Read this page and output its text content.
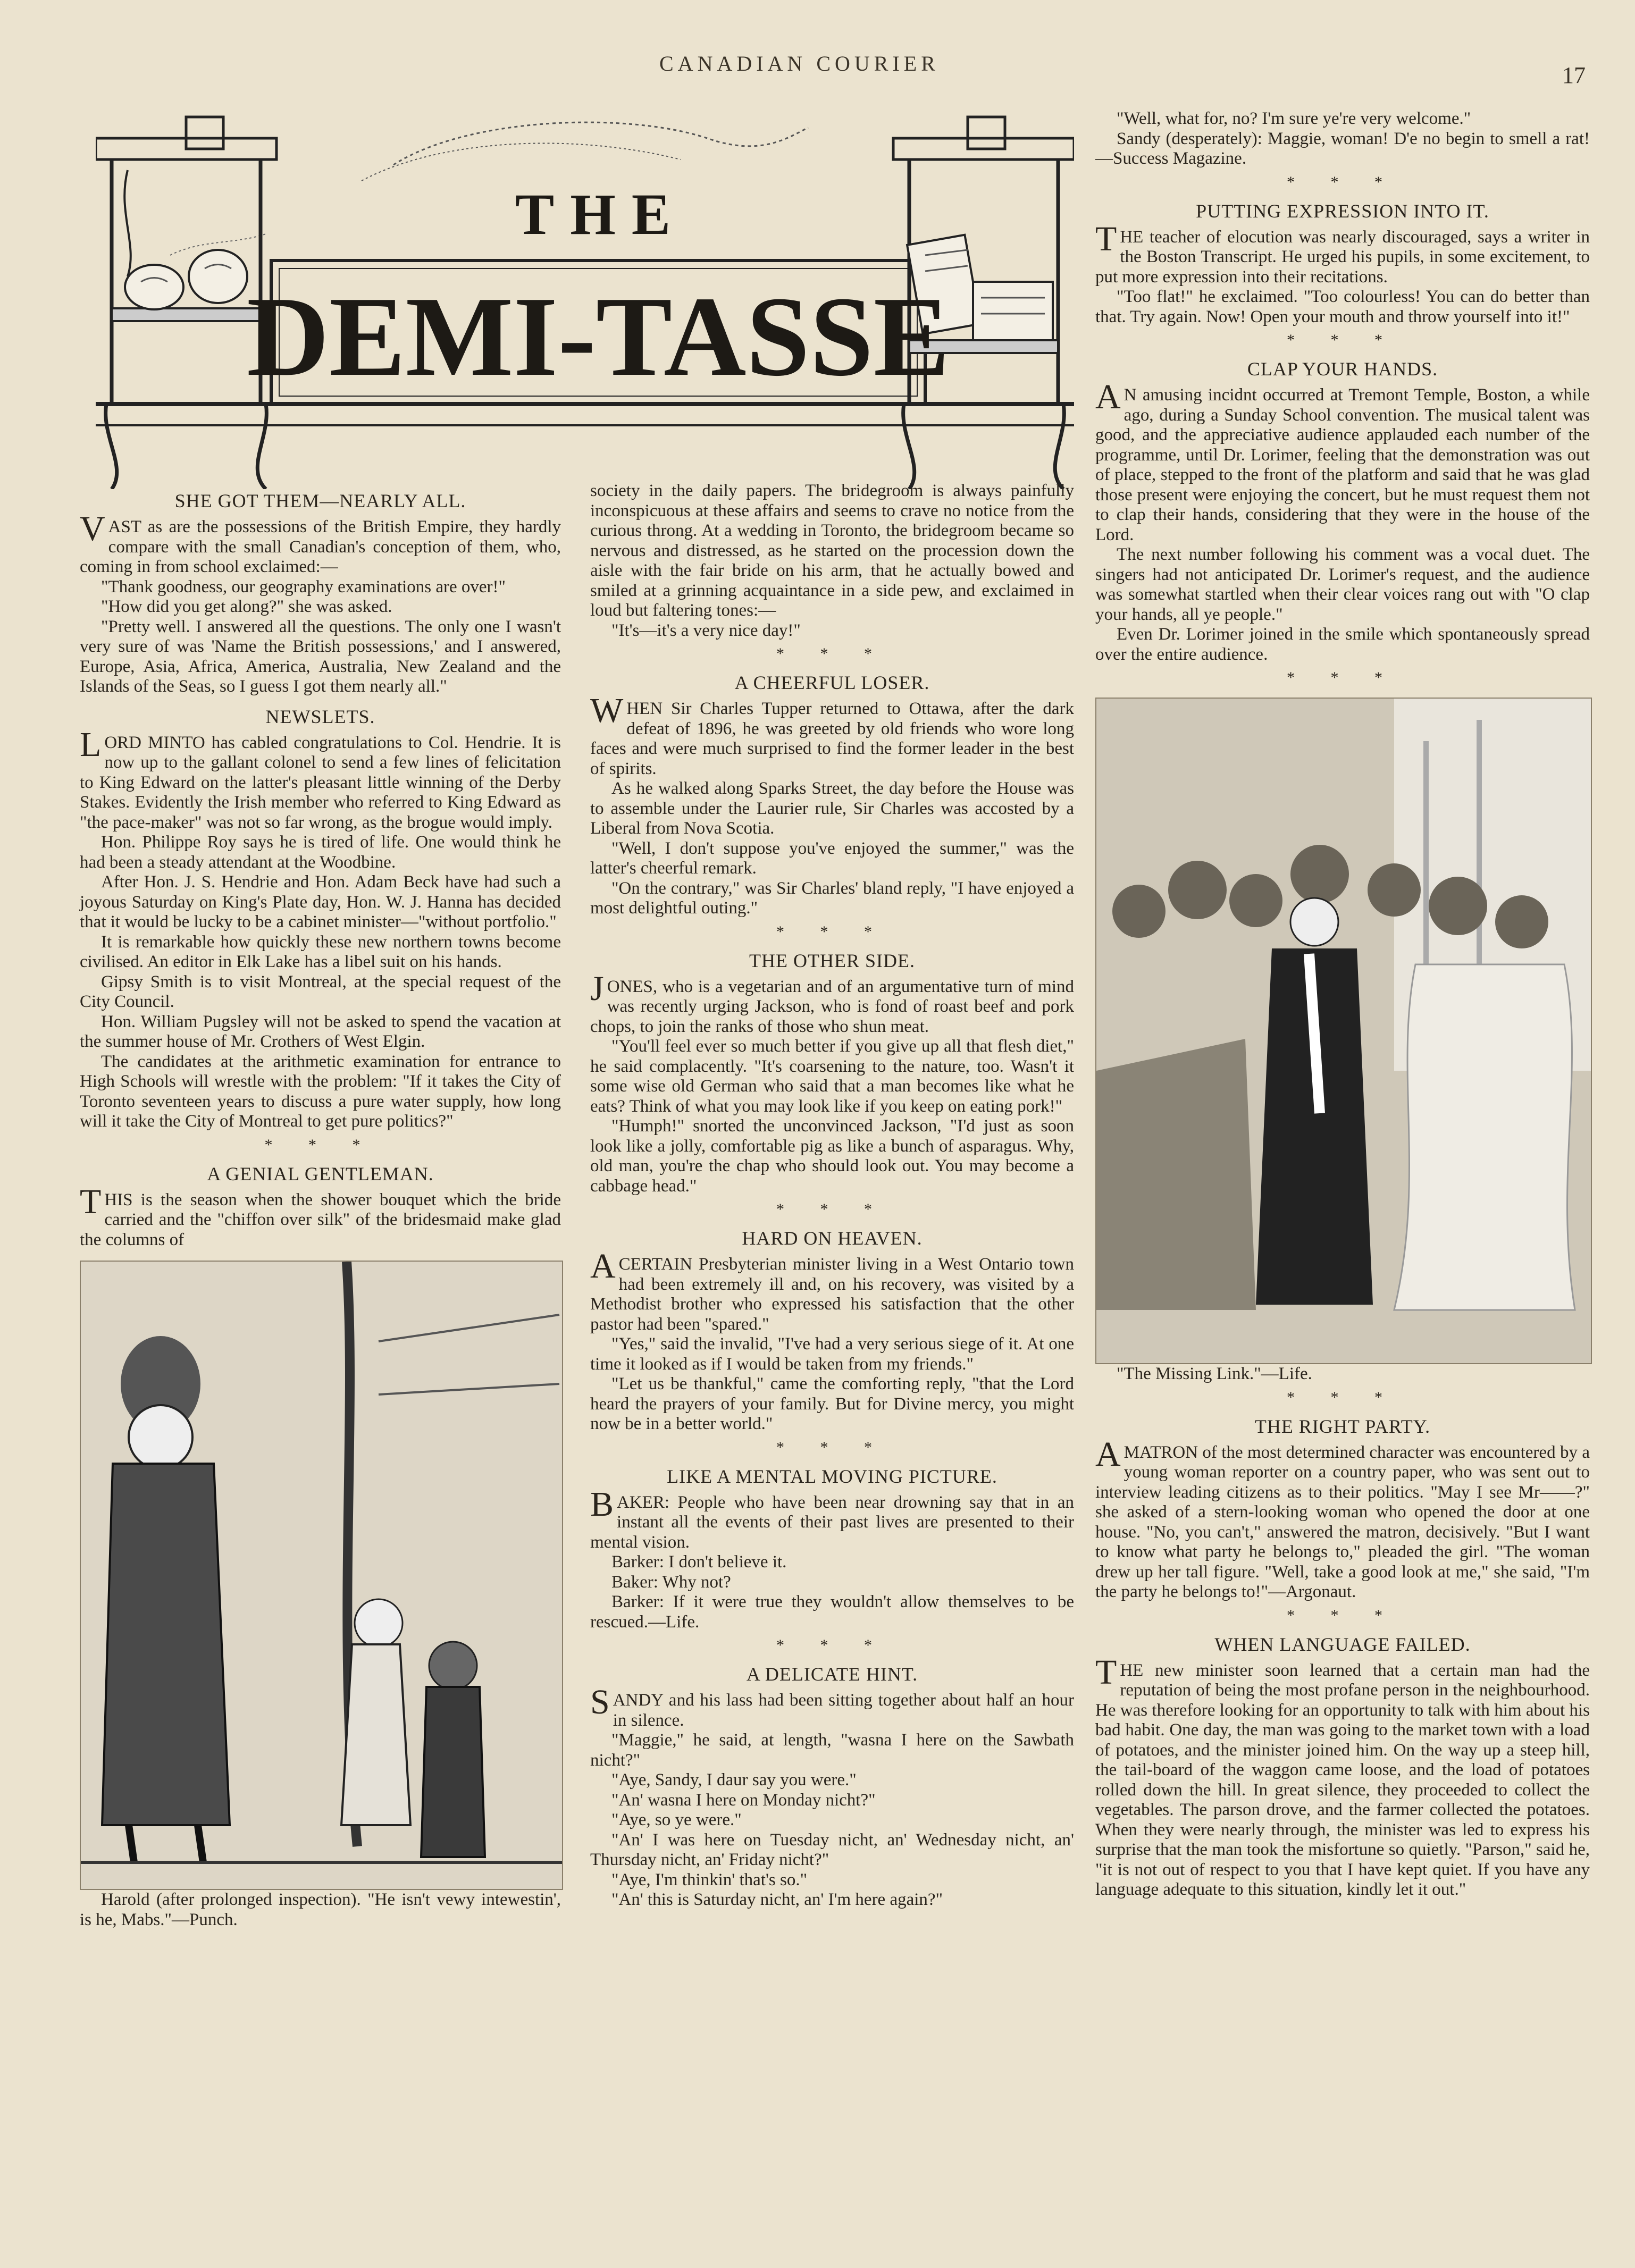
CANADIAN COURIER	17
THE
DEMI-TASSE
SHE GOT THEM—NEARLY ALL.

VAST as are the possessions of the British Empire, they hardly compare with the small Canadian's conception of them, who, coming in from school exclaimed:—

"Thank goodness, our geography examinations are over!"

"How did you get along?" she was asked.

"Pretty well. I answered all the questions. The only one I wasn't very sure of was 'Name the British possessions,' and I answered, Europe, Asia, Africa, America, Australia, New Zealand and the Islands of the Seas, so I guess I got them nearly all."

NEWSLETS.

LORD MINTO has cabled congratulations to Col. Hendrie. It is now up to the gallant colonel to send a few lines of felicitation to King Edward on the latter's pleasant little winning of the Derby Stakes. Evidently the Irish member who referred to King Edward as "the pace-maker" was not so far wrong, as the brogue would imply.

Hon. Philippe Roy says he is tired of life. One would think he had been a steady attendant at the Woodbine.

After Hon. J. S. Hendrie and Hon. Adam Beck have had such a joyous Saturday on King's Plate day, Hon. W. J. Hanna has decided that it would be lucky to be a cabinet minister—"without portfolio."

It is remarkable how quickly these new northern towns become civilised. An editor in Elk Lake has a libel suit on his hands.

Gipsy Smith is to visit Montreal, at the special request of the City Council.

Hon. William Pugsley will not be asked to spend the vacation at the summer house of Mr. Crothers of West Elgin.

The candidates at the arithmetic examination for entrance to High Schools will wrestle with the problem: "If it takes the City of Toronto seventeen years to discuss a pure water supply, how long will it take the City of Montreal to get pure politics?"

* * *
A GENIAL GENTLEMAN.

THIS is the season when the shower bouquet which the bride carried and the "chiffon over silk" of the bridesmaid make glad the columns of

Harold (after prolonged inspection). "He isn't vewy intewestin', is he, Mabs."—Punch.

society in the daily papers. The bridegroom is always painfully inconspicuous at these affairs and seems to crave no notice from the curious throng. At a wedding in Toronto, the bridegroom became so nervous and distressed, as he started on the procession down the aisle with the fair bride on his arm, that he actually bowed and smiled at a grinning acquaintance in a side pew, and exclaimed in loud but faltering tones:—

"It's—it's a very nice day!"

* * *
A CHEERFUL LOSER.

WHEN Sir Charles Tupper returned to Ottawa, after the dark defeat of 1896, he was greeted by old friends who wore long faces and were much surprised to find the former leader in the best of spirits.

As he walked along Sparks Street, the day before the House was to assemble under the Laurier rule, Sir Charles was accosted by a Liberal from Nova Scotia.

"Well, I don't suppose you've enjoyed the summer," was the latter's cheerful remark.

"On the contrary," was Sir Charles' bland reply, "I have enjoyed a most delightful outing."

* * *
THE OTHER SIDE.

JONES, who is a vegetarian and of an argumentative turn of mind was recently urging Jackson, who is fond of roast beef and pork chops, to join the ranks of those who shun meat.

"You'll feel ever so much better if you give up all that flesh diet," he said complacently. "It's coarsening to the nature, too. Wasn't it some wise old German who said that a man becomes like what he eats? Think of what you may look like if you keep on eating pork!"

"Humph!" snorted the unconvinced Jackson, "I'd just as soon look like a jolly, comfortable pig as like a bunch of asparagus. Why, old man, you're the chap who should look out. You may become a cabbage head."

* * *
HARD ON HEAVEN.

ACERTAIN Presbyterian minister living in a West Ontario town had been extremely ill and, on his recovery, was visited by a Methodist brother who expressed his satisfaction that the other pastor had been "spared."

"Yes," said the invalid, "I've had a very serious siege of it. At one time it looked as if I would be taken from my friends."

"Let us be thankful," came the comforting reply, "that the Lord heard the prayers of your family. But for Divine mercy, you might now be in a better world."

* * *
LIKE A MENTAL MOVING PICTURE.

BAKER: People who have been near drowning say that in an instant all the events of their past lives are presented to their mental vision.

Barker: I don't believe it.

Baker: Why not?

Barker: If it were true they wouldn't allow themselves to be rescued.—Life.

* * *
A DELICATE HINT.

SANDY and his lass had been sitting together about half an hour in silence.

"Maggie," he said, at length, "wasna I here on the Sawbath nicht?"

"Aye, Sandy, I daur say you were."

"An' wasna I here on Monday nicht?"

"Aye, so ye were."

"An' I was here on Tuesday nicht, an' Wednesday nicht, an' Thursday nicht, an' Friday nicht?"

"Aye, I'm thinkin' that's so."

"An' this is Saturday nicht, an' I'm here again?"

"Well, what for, no? I'm sure ye're very welcome."

Sandy (desperately): Maggie, woman! D'e no begin to smell a rat!—Success Magazine.

* * *
PUTTING EXPRESSION INTO IT.

THE teacher of elocution was nearly discouraged, says a writer in the Boston Transcript. He urged his pupils, in some excitement, to put more expression into their recitations.

"Too flat!" he exclaimed. "Too colourless! You can do better than that. Try again. Now! Open your mouth and throw yourself into it!"

* * *
CLAP YOUR HANDS.

AN amusing incidnt occurred at Tremont Temple, Boston, a while ago, during a Sunday School convention. The musical talent was good, and the appreciative audience applauded each number of the programme, until Dr. Lorimer, feeling that the demonstration was out of place, stepped to the front of the platform and said that he was glad those present were enjoying the concert, but he must request them not to clap their hands, considering that they were in the house of the Lord.

The next number following his comment was a vocal duet. The singers had not anticipated Dr. Lorimer's request, and the audience was somewhat startled when their clear voices rang out with "O clap your hands, all ye people."

Even Dr. Lorimer joined in the smile which spontaneously spread over the entire audience.

* * *

"The Missing Link."—Life.

* * *
THE RIGHT PARTY.

AMATRON of the most determined character was encountered by a young woman reporter on a country paper, who was sent out to interview leading citizens as to their politics. "May I see Mr——?" she asked of a stern-looking woman who opened the door at one house. "No, you can't," answered the matron, decisively. "But I want to know what party he belongs to," pleaded the girl. "The woman drew up her tall figure. "Well, take a good look at me," she said, "I'm the party he belongs to!"—Argonaut.

* * *
WHEN LANGUAGE FAILED.

THE new minister soon learned that a certain man had the reputation of being the most profane person in the neighbourhood. He was therefore looking for an opportunity to talk with him about his bad habit. One day, the man was going to the market town with a load of potatoes, and the minister joined him. On the way up a steep hill, the tail-board of the waggon came loose, and the load of potatoes rolled down the hill. In great silence, they proceeded to collect the vegetables. The parson drove, and the farmer collected the potatoes. When they were nearly through, the minister was led to express his surprise that the man took the misfortune so quietly. "Parson," said he, "it is not out of respect to you that I have kept quiet. If you have any language adequate to this situation, kindly let it out."
